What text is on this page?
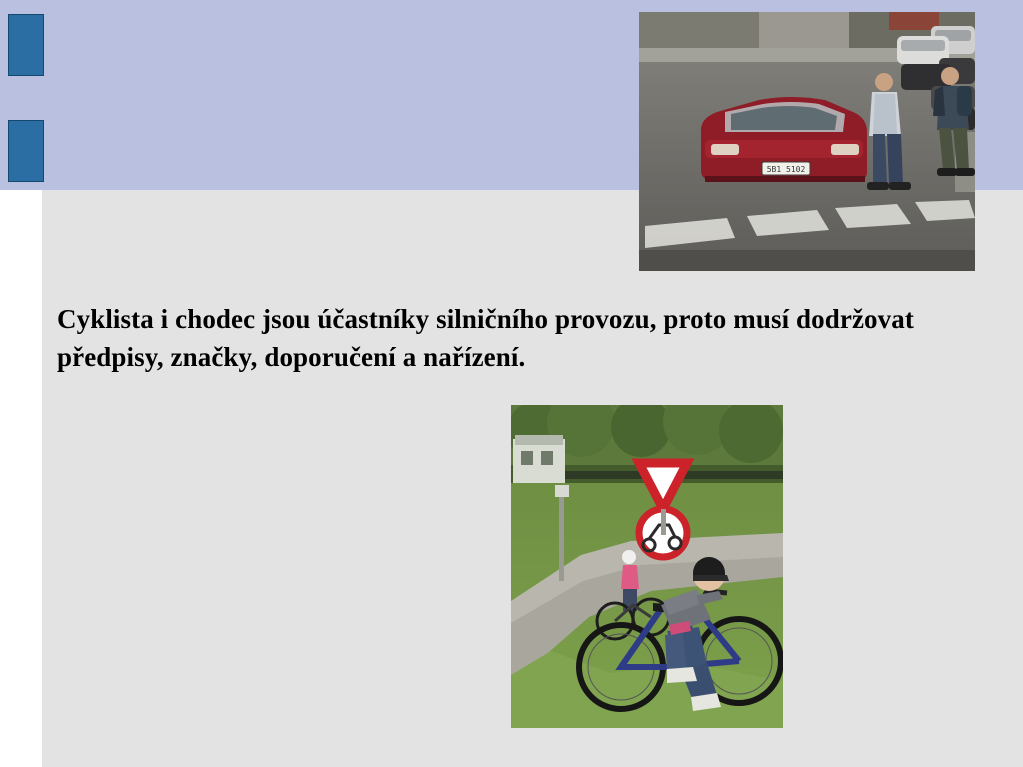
5B1 5102
Cyklista i chodec jsou účastníky silničního provozu, proto musí dodržovat předpisy, značky, doporučení a nařízení.
